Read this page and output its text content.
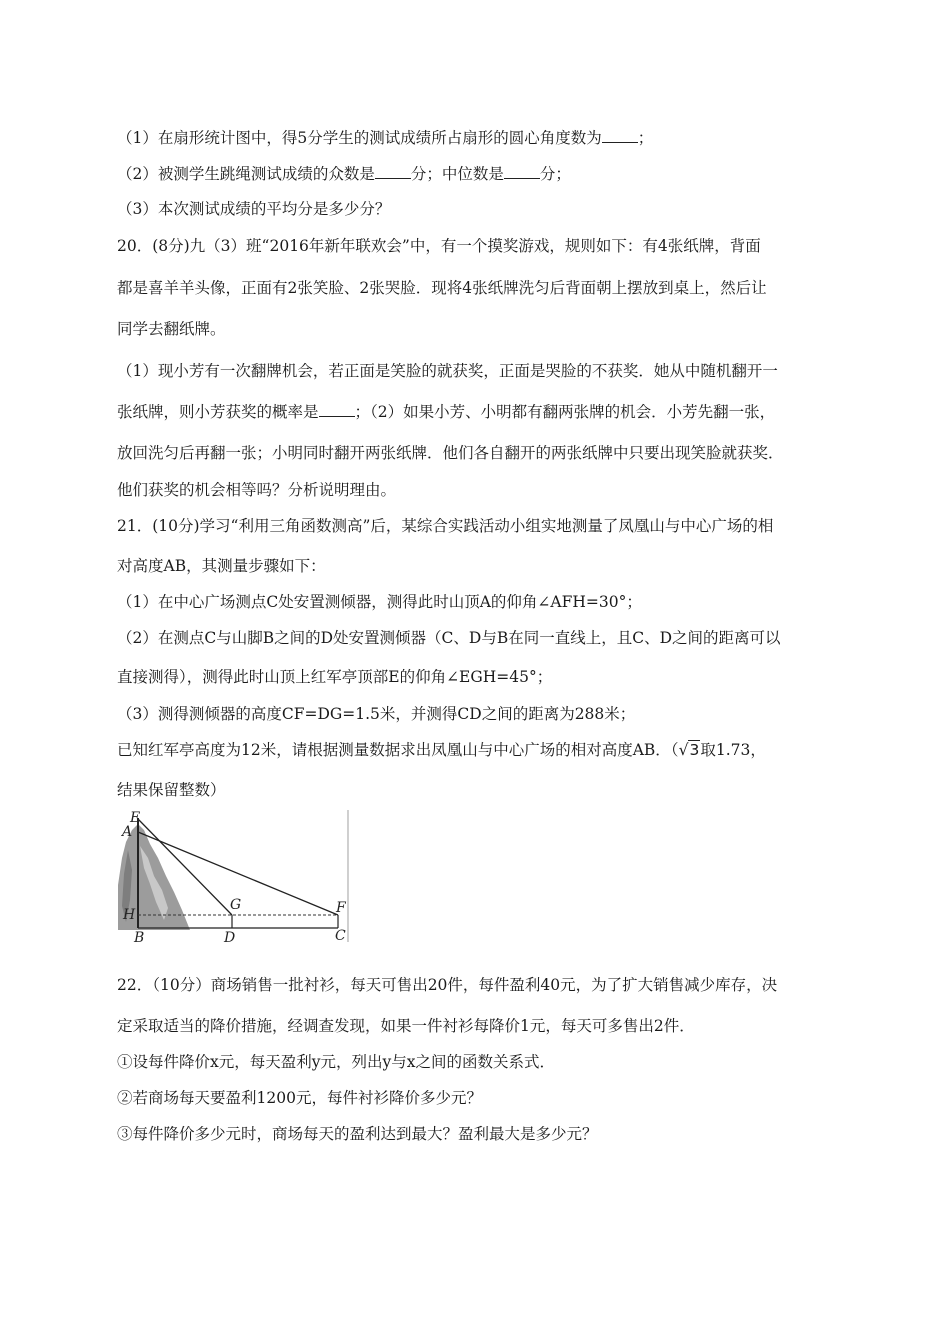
（1）在扇形统计图中，得5分学生的测试成绩所占扇形的圆心角度数为 ；
（2）被测学生跳绳测试成绩的众数是 分；中位数是 分；
（3）本次测试成绩的平均分是多少分？
20．(8分)九（3）班“2016年新年联欢会”中，有一个摸奖游戏，规则如下：有4张纸牌，背面
都是喜羊羊头像，正面有2张笑脸、2张哭脸．现将4张纸牌洗匀后背面朝上摆放到桌上，然后让
同学去翻纸牌。
（1）现小芳有一次翻牌机会，若正面是笑脸的就获奖，正面是哭脸的不获奖．她从中随机翻开一
张纸牌，则小芳获奖的概率是 ；（2）如果小芳、小明都有翻两张牌的机会．小芳先翻一张，
放回洗匀后再翻一张；小明同时翻开两张纸牌．他们各自翻开的两张纸牌中只要出现笑脸就获奖．
他们获奖的机会相等吗？分析说明理由。
21．(10分)学习“利用三角函数测高”后，某综合实践活动小组实地测量了凤凰山与中心广场的相
对高度AB，其测量步骤如下：
（1）在中心广场测点C处安置测倾器，测得此时山顶A的仰角∠AFH=30°；
（2）在测点C与山脚B之间的D处安置测倾器（C、D与B在同一直线上，且C、D之间的距离可以
直接测得），测得此时山顶上红军亭顶部E的仰角∠EGH=45°；
（3）测得测倾器的高度CF=DG=1.5米，并测得CD之间的距离为288米；
已知红军亭高度为12米，请根据测量数据求出凤凰山与中心广场的相对高度AB．（√3取1.73，
结果保留整数）
E
A
H
B
G
D
F
C
22．（10分）商场销售一批衬衫，每天可售出20件，每件盈利40元，为了扩大销售减少库存，决
定采取适当的降价措施，经调查发现，如果一件衬衫每降价1元，每天可多售出2件．
①设每件降价x元，每天盈利y元，列出y与x之间的函数关系式．
②若商场每天要盈利1200元，每件衬衫降价多少元？
③每件降价多少元时，商场每天的盈利达到最大？盈利最大是多少元？
